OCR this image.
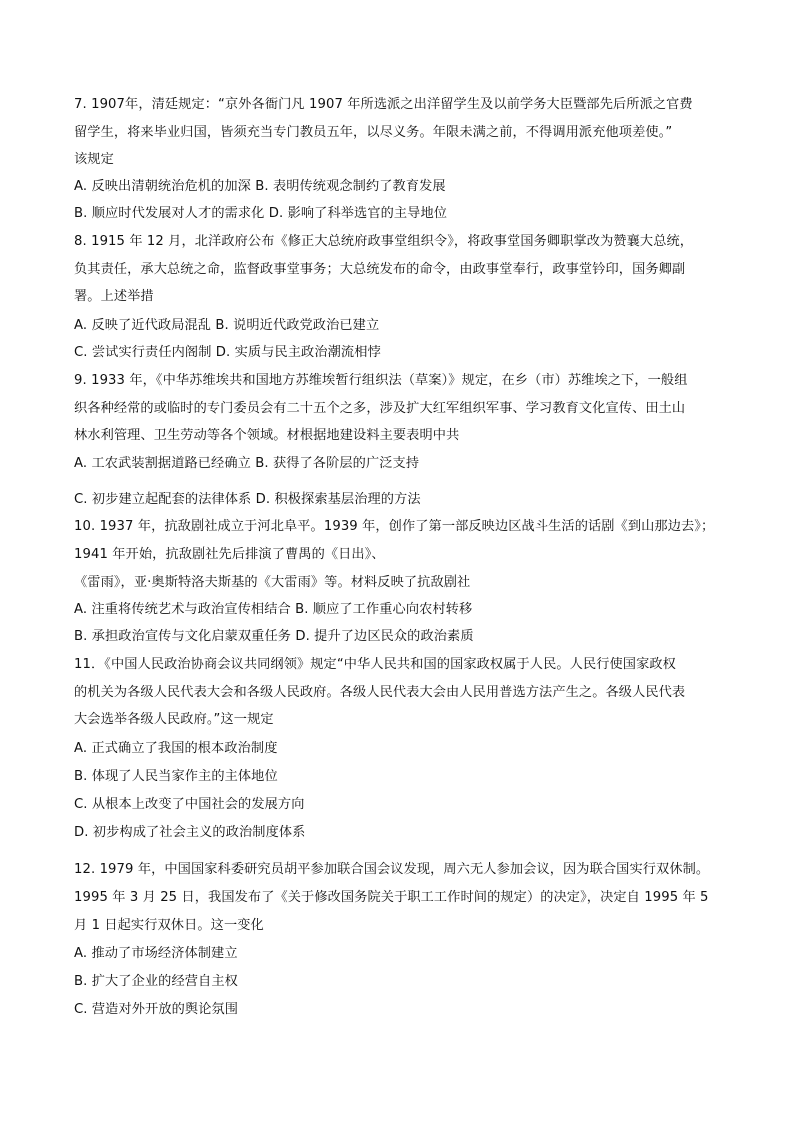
7. 1907年，清廷规定：“京外各衙门凡 1907 年所选派之出洋留学生及以前学务大臣暨部先后所派之官费
留学生，将来毕业归国，皆须充当专门教员五年，以尽义务。年限未满之前，不得调用派充他项差使。”
该规定
A. 反映出清朝统治危机的加深 B. 表明传统观念制约了教育发展
B. 顺应时代发展对人才的需求化 D. 影响了科举选官的主导地位
8. 1915 年 12 月，北洋政府公布《修正大总统府政事堂组织令》，将政事堂国务卿职掌改为赞襄大总统，
负其责任，承大总统之命，监督政事堂事务；大总统发布的命令，由政事堂奉行，政事堂钤印，国务卿副
署。上述举措
A. 反映了近代政局混乱 B. 说明近代政党政治已建立
C. 尝试实行责任内阁制 D. 实质与民主政治潮流相悖
9. 1933 年，《中华苏维埃共和国地方苏维埃暂行组织法（草案）》规定，在乡（市）苏维埃之下，一般组
织各种经常的或临时的专门委员会有二十五个之多，涉及扩大红军组织军事、学习教育文化宣传、田土山
林水利管理、卫生劳动等各个领域。材根据地建设料主要表明中共
A. 工农武装割据道路已经确立 B. 获得了各阶层的广泛支持
C. 初步建立起配套的法律体系 D. 积极探索基层治理的方法
10. 1937 年，抗敌剧社成立于河北阜平。1939 年，创作了第一部反映边区战斗生活的话剧《到山那边去》；
1941 年开始，抗敌剧社先后排演了曹禺的《日出》、
《雷雨》，亚·奥斯特洛夫斯基的《大雷雨》等。材料反映了抗敌剧社
A. 注重将传统艺术与政治宣传相结合 B. 顺应了工作重心向农村转移
B. 承担政治宣传与文化启蒙双重任务 D. 提升了边区民众的政治素质
11．《中国人民政治协商会议共同纲领》规定“中华人民共和国的国家政权属于人民。人民行使国家政权
的机关为各级人民代表大会和各级人民政府。各级人民代表大会由人民用普选方法产生之。各级人民代表
大会选举各级人民政府。”这一规定
A. 正式确立了我国的根本政治制度
B. 体现了人民当家作主的主体地位
C. 从根本上改变了中国社会的发展方向
D. 初步构成了社会主义的政治制度体系
12. 1979 年，中国国家科委研究员胡平参加联合国会议发现，周六无人参加会议，因为联合国实行双休制。
1995 年 3 月 25 日，我国发布了《关于修改国务院关于职工工作时间的规定）的决定》，决定自 1995 年 5
月 1 日起实行双休日。这一变化
A. 推动了市场经济体制建立
B. 扩大了企业的经营自主权
C. 营造对外开放的舆论氛围
